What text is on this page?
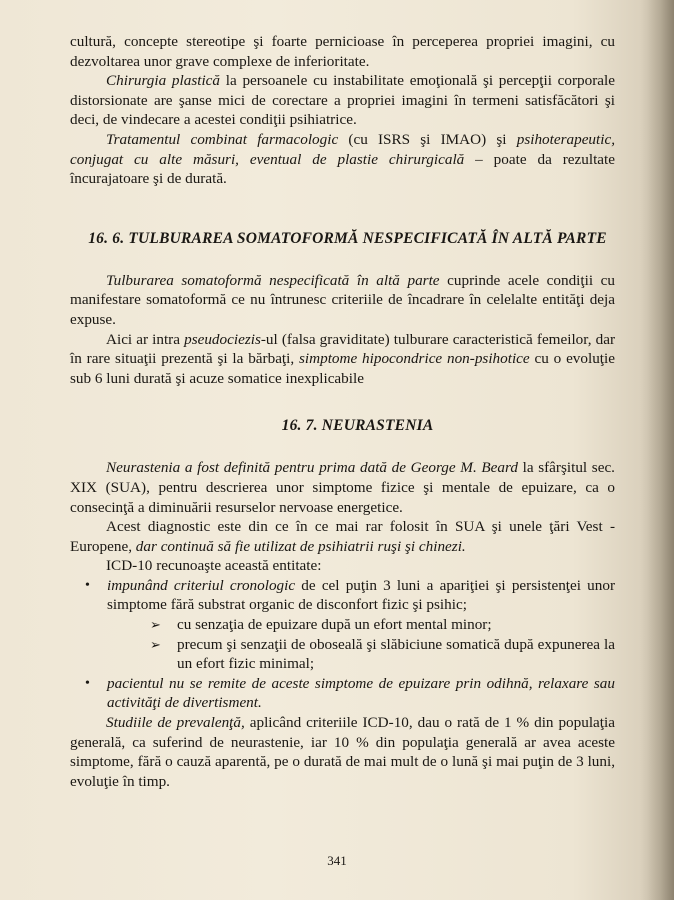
cultură, concepte stereotipe şi foarte pernicioase în perceperea propriei imagini, cu dezvoltarea unor grave complexe de inferioritate.

Chirurgia plastică la persoanele cu instabilitate emoţională şi percepţii corporale distorsionate are şanse mici de corectare a propriei imagini în termeni satisfăcători şi deci, de vindecare a acestei condiţii psihiatrice.

Tratamentul combinat farmacologic (cu ISRS şi IMAO) şi psihoterapeutic, conjugat cu alte măsuri, eventual de plastie chirurgicală – poate da rezultate încurajatoare şi de durată.

16. 6. TULBURAREA SOMATOFORMĂ NESPECIFICATĂ ÎN ALTĂ PARTE

Tulburarea somatoformă nespecificată în altă parte cuprinde acele condiţii cu manifestare somatoformă ce nu întrunesc criteriile de încadrare în celelalte entităţi deja expuse.

Aici ar intra pseudociezis-ul (falsa graviditate) tulburare caracteristică femeilor, dar în rare situaţii prezentă şi la bărbaţi, simptome hipocondrice non-psihotice cu o evoluţie sub 6 luni durată şi acuze somatice inexplicabile

16. 7. NEURASTENIA

Neurastenia a fost definită pentru prima dată de George M. Beard la sfârşitul sec. XIX (SUA), pentru descrierea unor simptome fizice şi mentale de epuizare, ca o consecinţă a diminuării resurselor nervoase energetice.

Acest diagnostic este din ce în ce mai rar folosit în SUA şi unele ţări Vest - Europene, dar continuă să fie utilizat de psihiatrii ruşi şi chinezi.

ICD-10 recunoaşte această entitate:

• impunând criteriul cronologic de cel puţin 3 luni a apariţiei şi persistenţei unor simptome fără substrat organic de disconfort fizic şi psihic;
➢ cu senzaţia de epuizare după un efort mental minor;
➢ precum şi senzaţii de oboseală şi slăbiciune somatică după expunerea la un efort fizic minimal;
• pacientul nu se remite de aceste simptome de epuizare prin odihnă, relaxare sau activităţi de divertisment.

Studiile de prevalenţă, aplicând criteriile ICD-10, dau o rată de 1 % din populaţia generală, ca suferind de neurastenie, iar 10 % din populaţia generală ar avea aceste simptome, fără o cauză aparentă, pe o durată de mai mult de o lună şi mai puţin de 3 luni, evoluţie în timp.

341
